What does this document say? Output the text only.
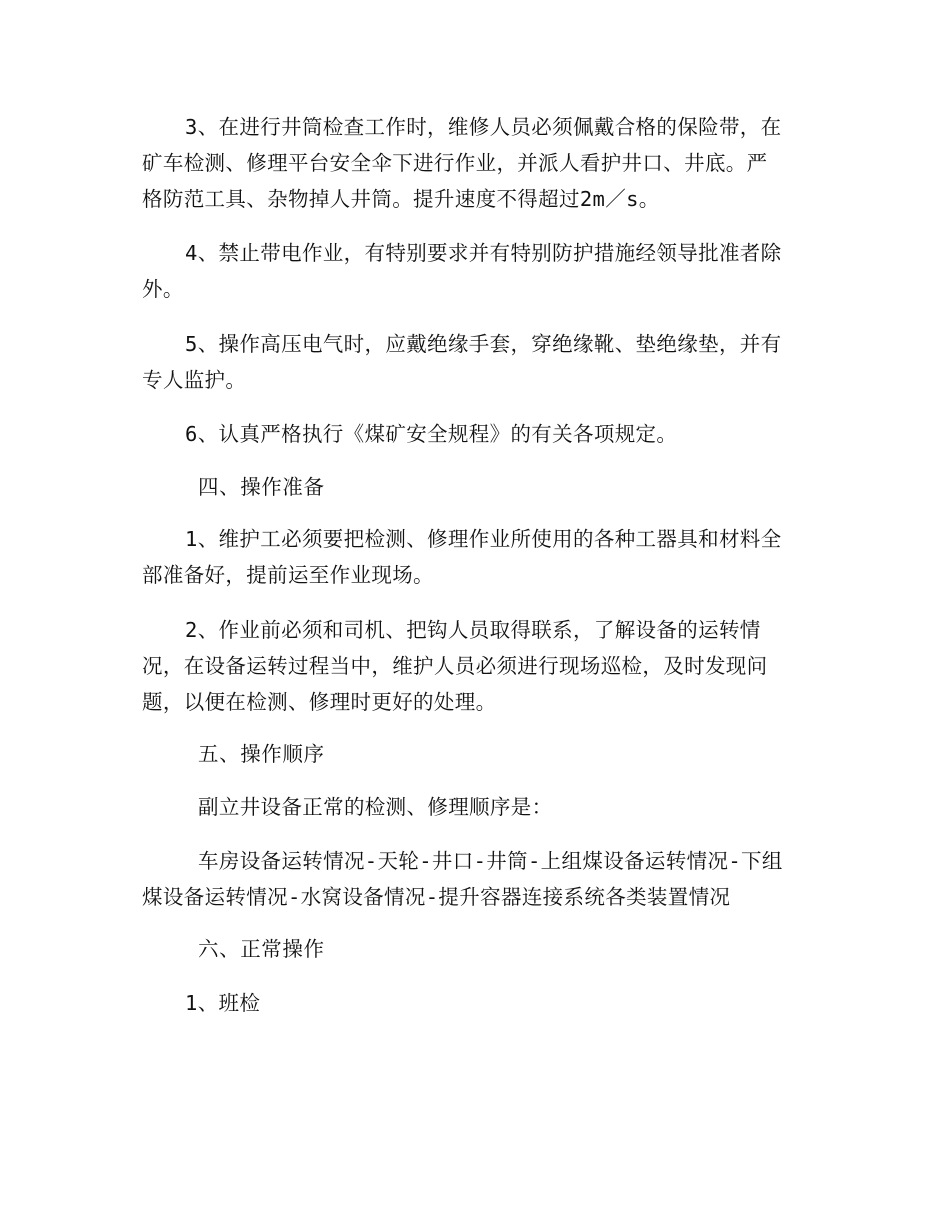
3、在进行井筒检查工作时，维修人员必须佩戴合格的保险带，在
矿车检测、修理平台安全伞下进行作业，并派人看护井口、井底。严
格防范工具、杂物掉人井筒。提升速度不得超过2m／s。
4、禁止带电作业，有特别要求并有特别防护措施经领导批准者除
外。
5、操作高压电气时，应戴绝缘手套，穿绝缘靴、垫绝缘垫，并有
专人监护。
6、认真严格执行《煤矿安全规程》的有关各项规定。
四、操作准备
1、维护工必须要把检测、修理作业所使用的各种工器具和材料全
部准备好，提前运至作业现场。
2、作业前必须和司机、把钩人员取得联系，了解设备的运转情
况，在设备运转过程当中，维护人员必须进行现场巡检，及时发现问
题，以便在检测、修理时更好的处理。
五、操作顺序
副立井设备正常的检测、修理顺序是：
车房设备运转情况-天轮-井口-井筒-上组煤设备运转情况-下组
煤设备运转情况-水窝设备情况-提升容器连接系统各类装置情况
六、正常操作
1、班检
